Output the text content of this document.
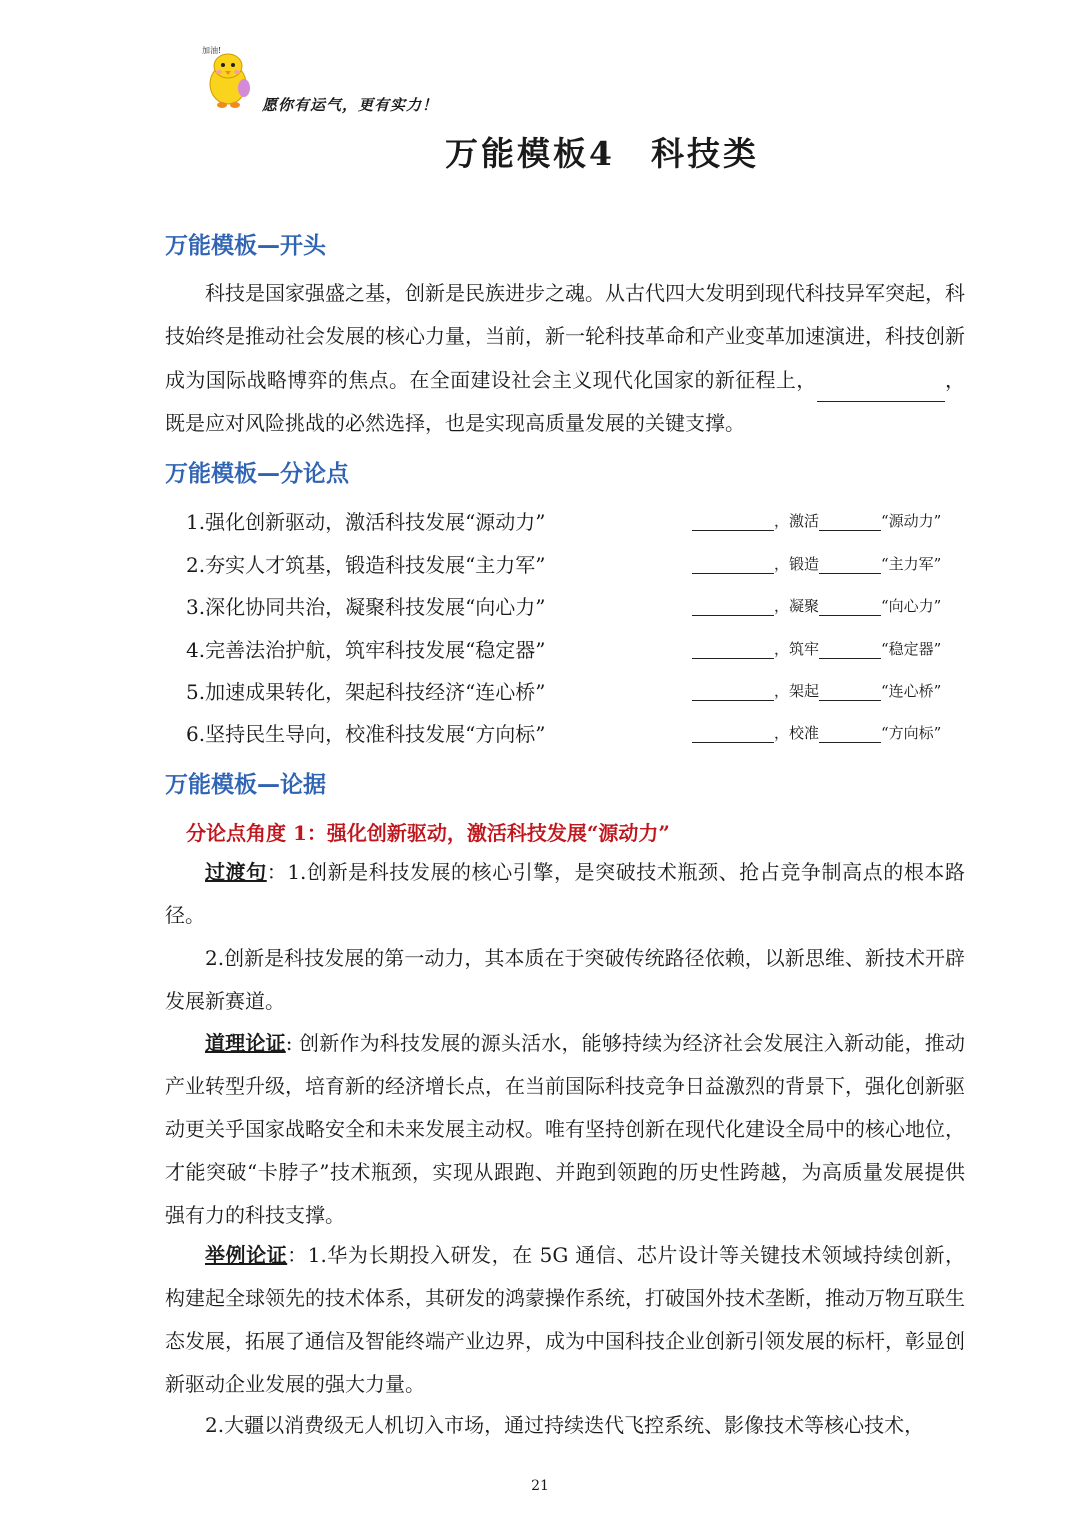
加油!
愿你有运气，更有实力！
万能模板4　科技类
万能模板—开头

科技是国家强盛之基，创新是民族进步之魂。从古代四大发明到现代科技异军突起，科技始终是推动社会发展的核心力量，当前，新一轮科技革命和产业变革加速演进，科技创新成为国际战略博弈的焦点。在全面建设社会主义现代化国家的新征程上，	，既是应对风险挑战的必然选择，也是实现高质量发展的关键支撑。

万能模板—分论点
1.强化创新驱动，激活科技发展“源动力”	，激活	“源动力”
2.夯实人才筑基，锻造科技发展“主力军”	，锻造	“主力军”
3.深化协同共治，凝聚科技发展“向心力”	，凝聚	“向心力”
4.完善法治护航，筑牢科技发展“稳定器”	，筑牢	“稳定器”
5.加速成果转化，架起科技经济“连心桥”	，架起	“连心桥”
6.坚持民生导向，校准科技发展“方向标”	，校准	“方向标”
万能模板—论据
分论点角度 1：强化创新驱动，激活科技发展“源动力”

过渡句：1.创新是科技发展的核心引擎，是突破技术瓶颈、抢占竞争制高点的根本路径。

2.创新是科技发展的第一动力，其本质在于突破传统路径依赖，以新思维、新技术开辟发展新赛道。

道理论证: 创新作为科技发展的源头活水，能够持续为经济社会发展注入新动能，推动产业转型升级，培育新的经济增长点，在当前国际科技竞争日益激烈的背景下，强化创新驱动更关乎国家战略安全和未来发展主动权。唯有坚持创新在现代化建设全局中的核心地位，才能突破“卡脖子”技术瓶颈，实现从跟跑、并跑到领跑的历史性跨越，为高质量发展提供强有力的科技支撑。

举例论证：1.华为长期投入研发，在 5G 通信、芯片设计等关键技术领域持续创新，构建起全球领先的技术体系，其研发的鸿蒙操作系统，打破国外技术垄断，推动万物互联生态发展，拓展了通信及智能终端产业边界，成为中国科技企业创新引领发展的标杆，彰显创新驱动企业发展的强大力量。

2.大疆以消费级无人机切入市场，通过持续迭代飞控系统、影像技术等核心技术，

21
